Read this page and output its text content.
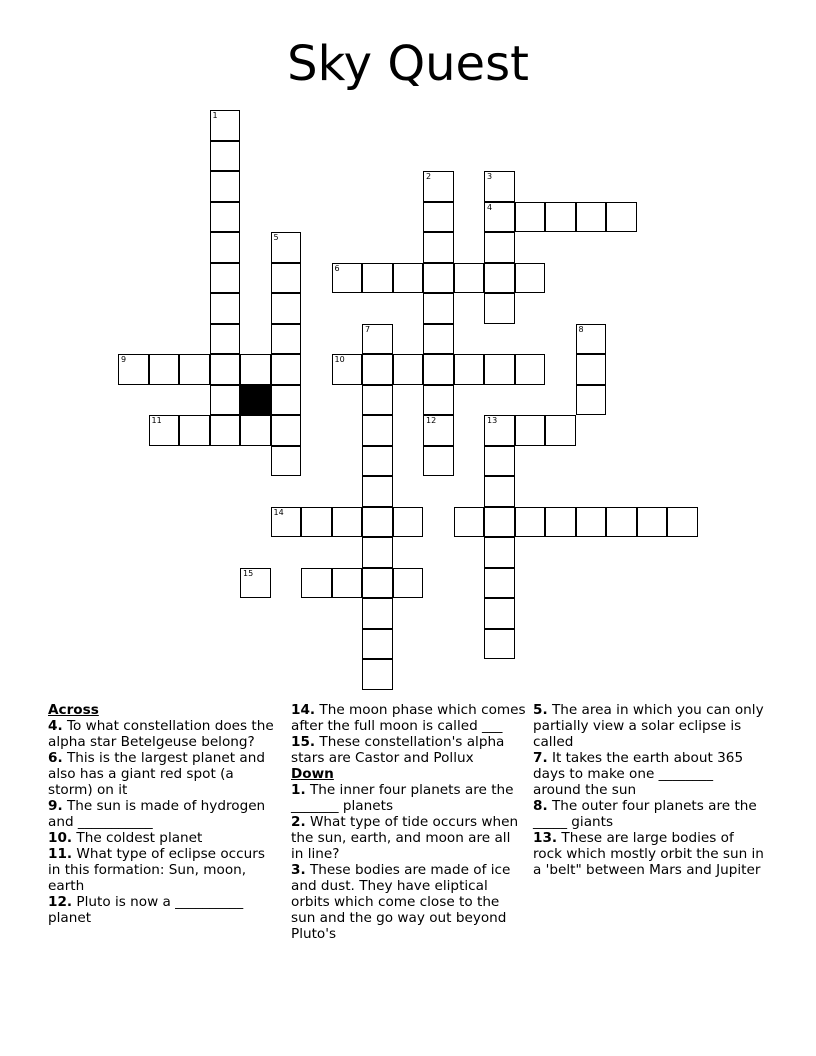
Sky Quest
1
5
2	3
4
6
7	8
9	10
11	12	13
14
15
Across
4. To what constellation does the alpha star Betelgeuse belong?
6. This is the largest planet and also has a giant red spot (a storm) on it
9. The sun is made of hydrogen and ___________
10. The coldest planet
11. What type of eclipse occurs in this formation: Sun, moon, earth
12. Pluto is now a __________ planet
14. The moon phase which comes after the full moon is called ___
15. These constellation's alpha stars are Castor and Pollux
Down
1. The inner four planets are the _______ planets
2. What type of tide occurs when the sun, earth, and moon are all in line?
3. These bodies are made of ice and dust. They have eliptical orbits which come close to the sun and the go way out beyond Pluto's
5. The area in which you can only partially view a solar eclipse is called
7. It takes the earth about 365 days to make one ________ around the sun
8. The outer four planets are the _____ giants
13. These are large bodies of rock which mostly orbit the sun in a 'belt" between Mars and Jupiter
